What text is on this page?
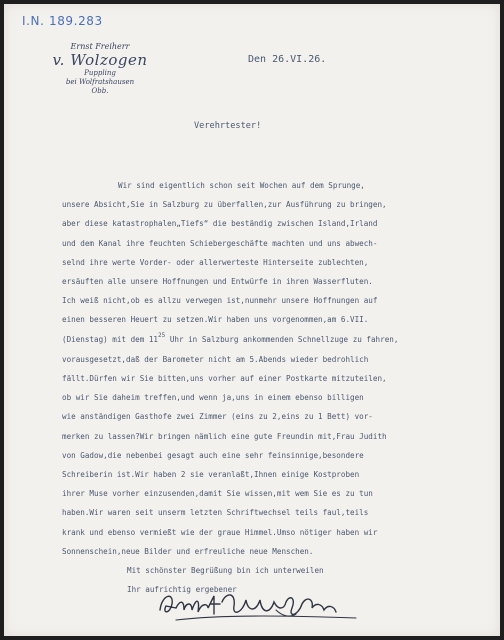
I.N. 189.283
Ernst Freiherr
v. Wolzogen
Puppling
bei Wolfratshausen
Obb.
Den 26.VI.26.
Verehrtester!
Wir sind eigentlich schon seit Wochen auf dem Sprunge,
unsere Absicht,Sie in Salzburg zu überfallen,zur Ausführung zu bringen,
aber diese katastrophalen„Tiefs“ die beständig zwischen Island,Irland
und dem Kanal ihre feuchten Schiebergeschäfte machten und uns abwech-
selnd ihre werte Vorder- oder allerwerteste Hinterseite zublechten,
ersäuften alle unsere Hoffnungen und Entwürfe in ihren Wasserfluten.
Ich weiß nicht,ob es allzu verwegen ist,nunmehr unsere Hoffnungen auf
einen besseren Heuert zu setzen.Wir haben uns vorgenommen,am 6.VII.
(Dienstag) mit dem $11^{25}$ Uhr in Salzburg ankommenden Schnellzuge zu fahren,
vorausgesetzt,daß der Barometer nicht am 5.Abends wieder bedrohlich
fällt.Dürfen wir Sie bitten,uns vorher auf einer Postkarte mitzuteilen,
ob wir Sie daheim treffen,und wenn ja,uns in einem ebenso billigen
wie anständigen Gasthofe zwei Zimmer (eins zu 2,eins zu 1 Bett) vor-
merken zu lassen?Wir bringen nämlich eine gute Freundin mit,Frau Judith
von Gadow,die nebenbei gesagt auch eine sehr feinsinnige,besondere
Schreiberin ist.Wir haben 2 sie veranlaßt,Ihnen einige Kostproben
ihrer Muse vorher einzusenden,damit Sie wissen,mit wem Sie es zu tun
haben.Wir waren seit unserm letzten Schriftwechsel teils faul,teils
krank und ebenso vermießt wie der graue Himmel.Umso nötiger haben wir
Sonnenschein,neue Bilder und erfreuliche neue Menschen.
Mit schönster Begrüßung bin ich unterweilen
Ihr aufrichtig ergebener
